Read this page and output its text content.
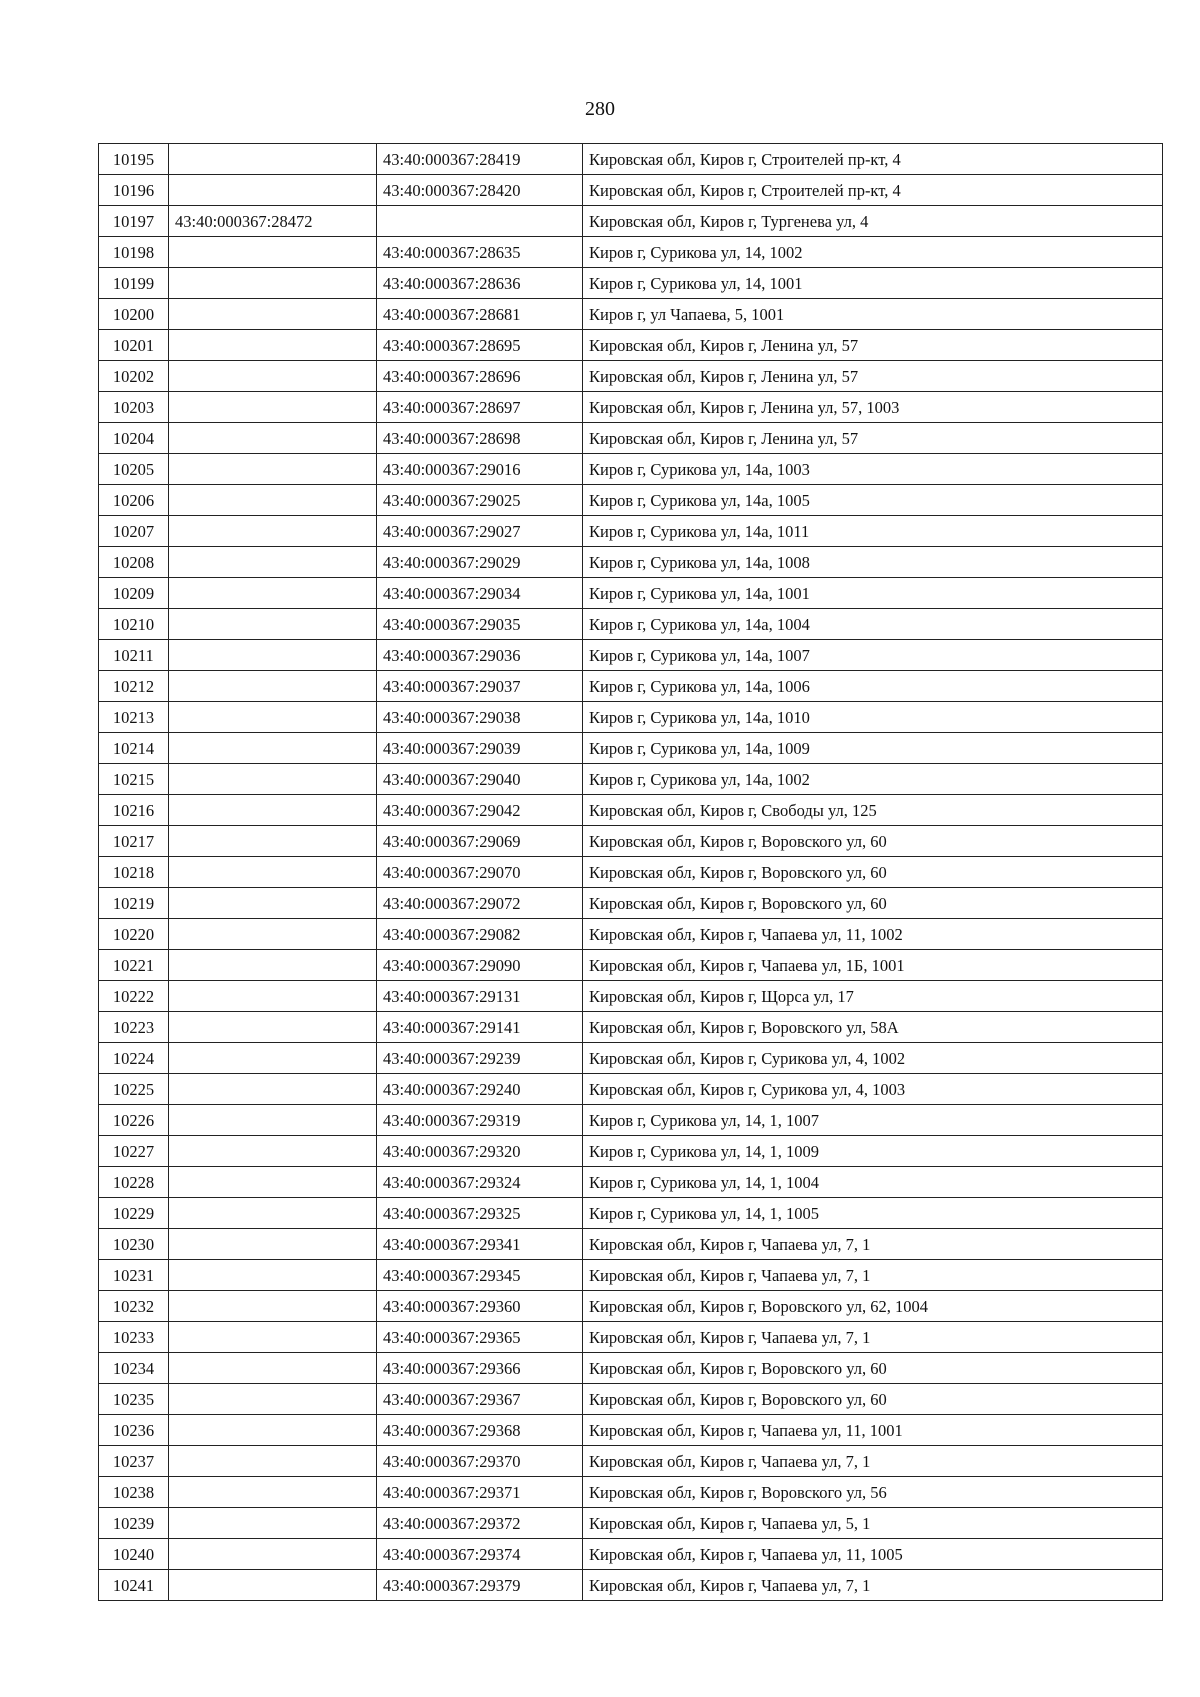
280
10195		43:40:000367:28419	Кировская обл, Киров г, Строителей пр-кт, 4
10196		43:40:000367:28420	Кировская обл, Киров г, Строителей пр-кт, 4
10197	43:40:000367:28472		Кировская обл, Киров г, Тургенева ул, 4
10198		43:40:000367:28635	Киров г, Сурикова ул, 14, 1002
10199		43:40:000367:28636	Киров г, Сурикова ул, 14, 1001
10200		43:40:000367:28681	Киров г, ул Чапаева, 5, 1001
10201		43:40:000367:28695	Кировская обл, Киров г, Ленина ул, 57
10202		43:40:000367:28696	Кировская обл, Киров г, Ленина ул, 57
10203		43:40:000367:28697	Кировская обл, Киров г, Ленина ул, 57, 1003
10204		43:40:000367:28698	Кировская обл, Киров г, Ленина ул, 57
10205		43:40:000367:29016	Киров г, Сурикова ул, 14а, 1003
10206		43:40:000367:29025	Киров г, Сурикова ул, 14а, 1005
10207		43:40:000367:29027	Киров г, Сурикова ул, 14а, 1011
10208		43:40:000367:29029	Киров г, Сурикова ул, 14а, 1008
10209		43:40:000367:29034	Киров г, Сурикова ул, 14а, 1001
10210		43:40:000367:29035	Киров г, Сурикова ул, 14а, 1004
10211		43:40:000367:29036	Киров г, Сурикова ул, 14а, 1007
10212		43:40:000367:29037	Киров г, Сурикова ул, 14а, 1006
10213		43:40:000367:29038	Киров г, Сурикова ул, 14а, 1010
10214		43:40:000367:29039	Киров г, Сурикова ул, 14а, 1009
10215		43:40:000367:29040	Киров г, Сурикова ул, 14а, 1002
10216		43:40:000367:29042	Кировская обл, Киров г, Свободы ул, 125
10217		43:40:000367:29069	Кировская обл, Киров г, Воровского ул, 60
10218		43:40:000367:29070	Кировская обл, Киров г, Воровского ул, 60
10219		43:40:000367:29072	Кировская обл, Киров г, Воровского ул, 60
10220		43:40:000367:29082	Кировская обл, Киров г, Чапаева ул, 11, 1002
10221		43:40:000367:29090	Кировская обл, Киров г, Чапаева ул, 1Б, 1001
10222		43:40:000367:29131	Кировская обл, Киров г, Щорса ул, 17
10223		43:40:000367:29141	Кировская обл, Киров г, Воровского ул, 58А
10224		43:40:000367:29239	Кировская обл, Киров г, Сурикова ул, 4, 1002
10225		43:40:000367:29240	Кировская обл, Киров г, Сурикова ул, 4, 1003
10226		43:40:000367:29319	Киров г, Сурикова ул, 14, 1, 1007
10227		43:40:000367:29320	Киров г, Сурикова ул, 14, 1, 1009
10228		43:40:000367:29324	Киров г, Сурикова ул, 14, 1, 1004
10229		43:40:000367:29325	Киров г, Сурикова ул, 14, 1, 1005
10230		43:40:000367:29341	Кировская обл, Киров г, Чапаева ул, 7, 1
10231		43:40:000367:29345	Кировская обл, Киров г, Чапаева ул, 7, 1
10232		43:40:000367:29360	Кировская обл, Киров г, Воровского ул, 62, 1004
10233		43:40:000367:29365	Кировская обл, Киров г, Чапаева ул, 7, 1
10234		43:40:000367:29366	Кировская обл, Киров г, Воровского ул, 60
10235		43:40:000367:29367	Кировская обл, Киров г, Воровского ул, 60
10236		43:40:000367:29368	Кировская обл, Киров г, Чапаева ул, 11, 1001
10237		43:40:000367:29370	Кировская обл, Киров г, Чапаева ул, 7, 1
10238		43:40:000367:29371	Кировская обл, Киров г, Воровского ул, 56
10239		43:40:000367:29372	Кировская обл, Киров г, Чапаева ул, 5, 1
10240		43:40:000367:29374	Кировская обл, Киров г, Чапаева ул, 11, 1005
10241		43:40:000367:29379	Кировская обл, Киров г, Чапаева ул, 7, 1
